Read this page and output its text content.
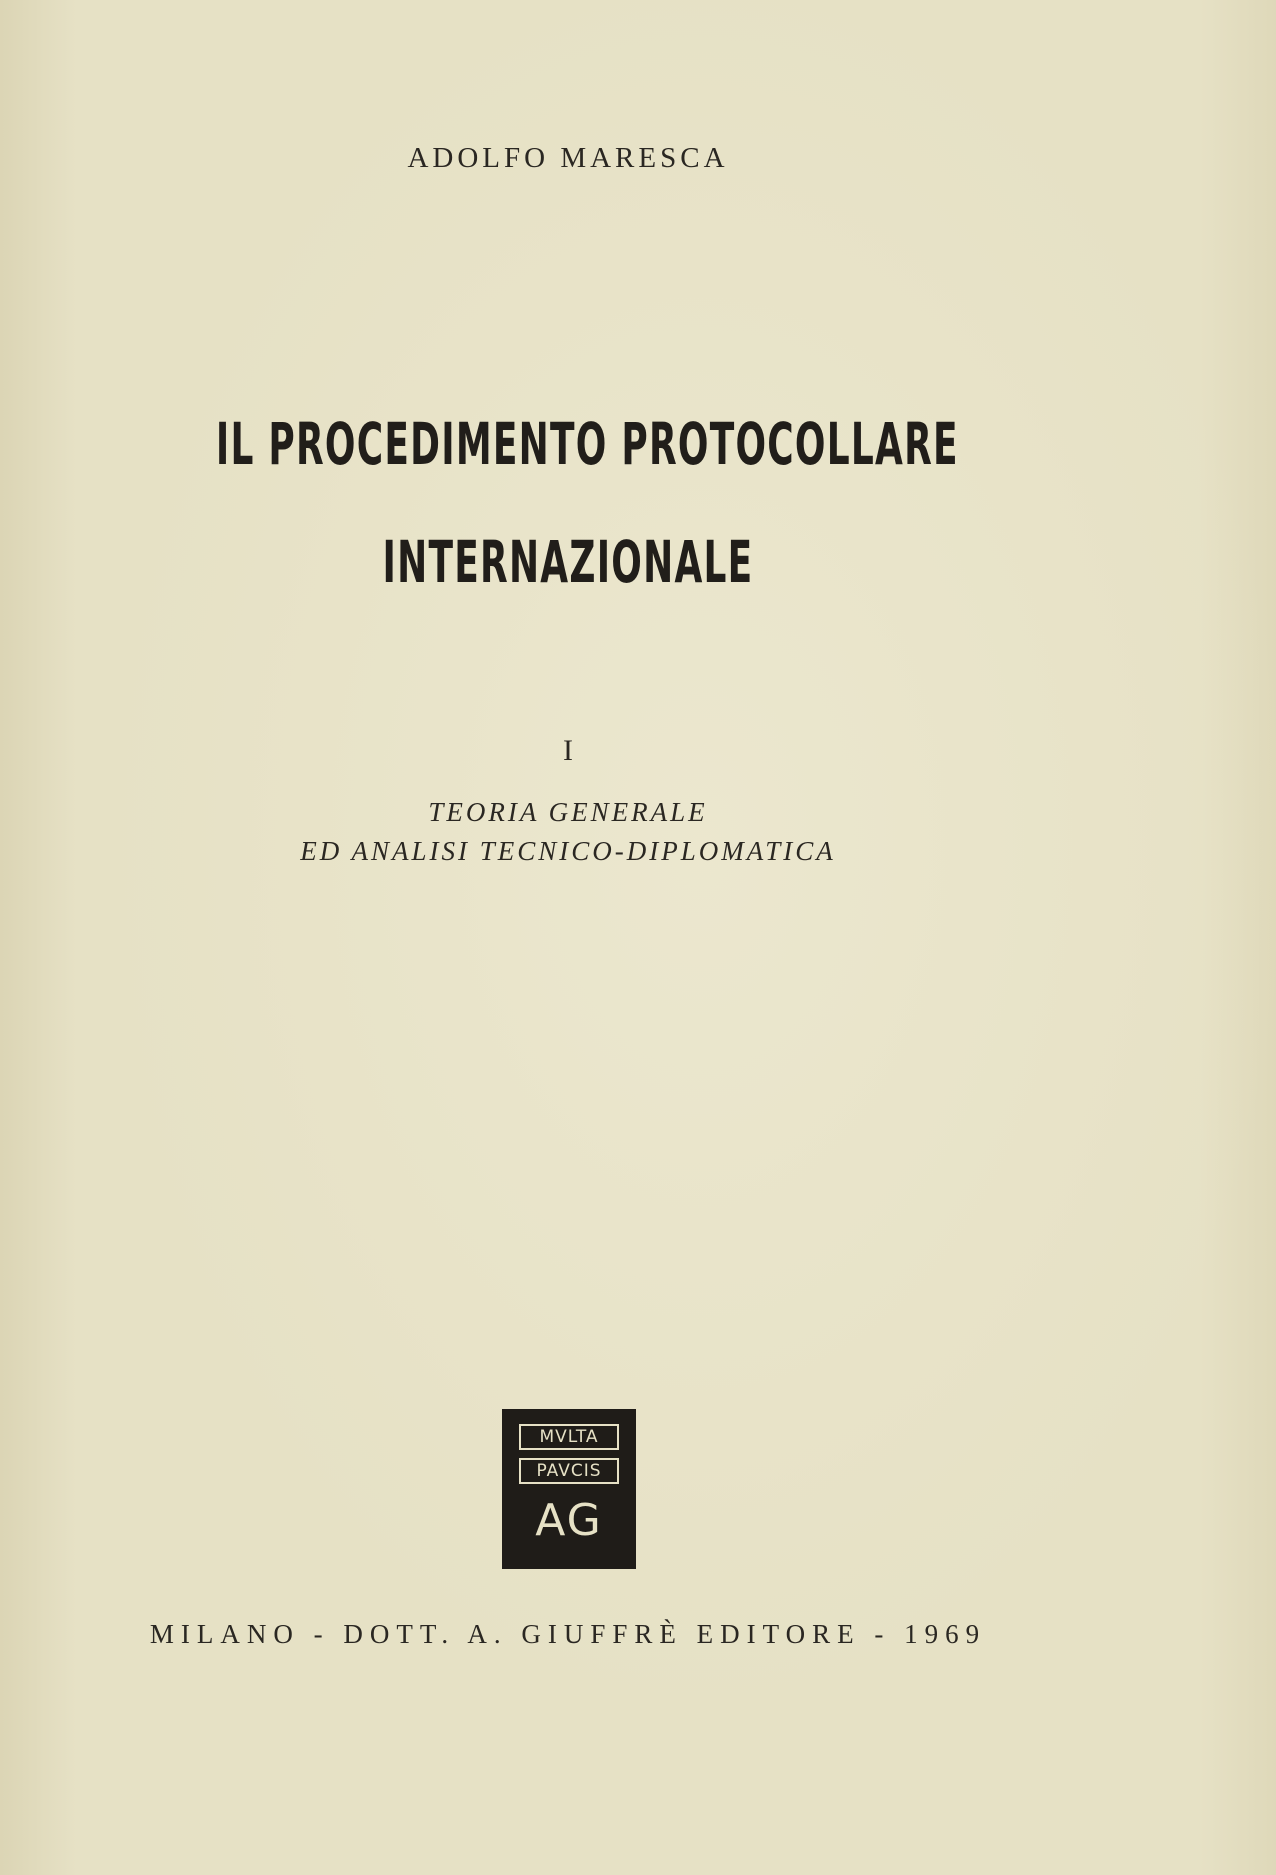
ADOLFO MARESCA
IL PROCEDIMENTO PROTOCOLLARE
INTERNAZIONALE
I
TEORIA GENERALE
ED ANALISI TECNICO-DIPLOMATICA
MVLTA
PAVCIS
AG
MILANO - DOTT. A. GIUFFRÈ EDITORE - 1969
